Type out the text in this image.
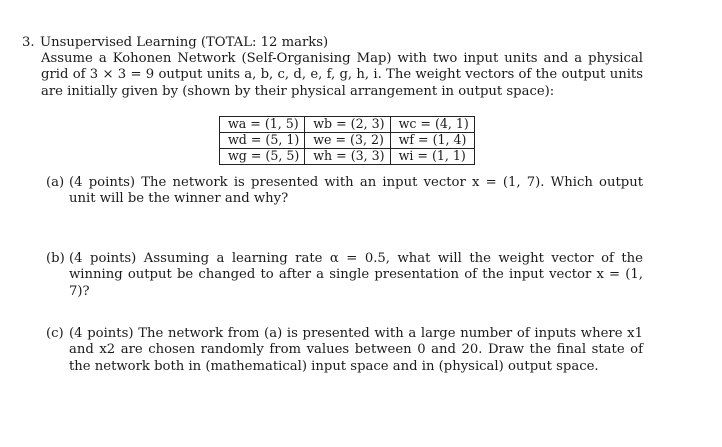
3. Unsupervised Learning (TOTAL: 12 marks)
Assume a Kohonen Network (Self-Organising Map) with two input units and a physical grid of 3 × 3 = 9 output units a, b, c, d, e, f, g, h, i. The weight vectors of the output units are initially given by (shown by their physical arrangement in output space):
wa = (1, 5)	wb = (2, 3)	wc = (4, 1)
wd = (5, 1)	we = (3, 2)	wf = (1, 4)
wg = (5, 5)	wh = (3, 3)	wi = (1, 1)
(a) (4 points) The network is presented with an input vector x = (1, 7). Which output unit will be the winner and why?
(b) (4 points) Assuming a learning rate α = 0.5, what will the weight vector of the winning output be changed to after a single presentation of the input vector x = (1, 7)?
(c) (4 points) The network from (a) is presented with a large number of inputs where x1 and x2 are chosen randomly from values between 0 and 20. Draw the final state of the network both in (mathematical) input space and in (physical) output space.
